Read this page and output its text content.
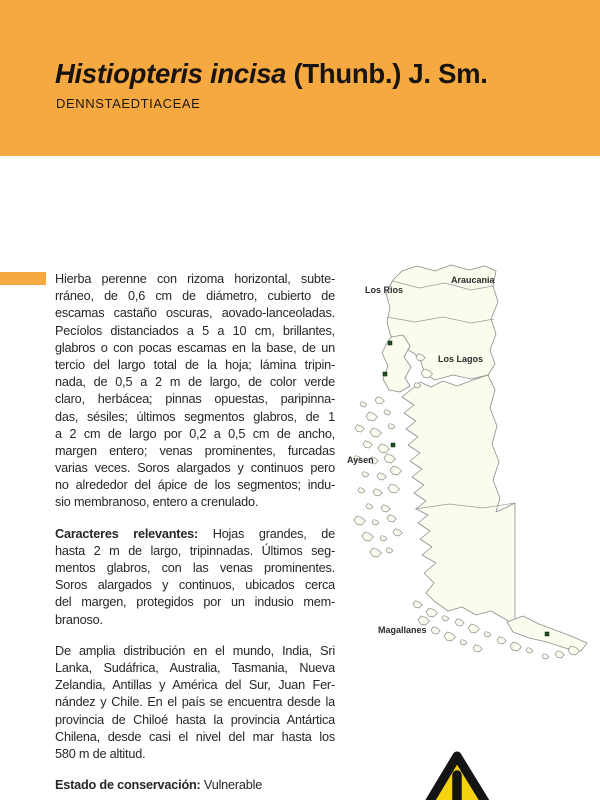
Histiopteris incisa (Thunb.) J. Sm.
DENNSTAEDTIACEAE
Hierba perenne con rizoma horizontal, subte-
rráneo, de 0,6 cm de diámetro, cubierto de
escamas castaño oscuras, aovado-lanceoladas.
Pecíolos distanciados a 5 a 10 cm, brillantes,
glabros o con pocas escamas en la base, de un
tercio del largo total de la hoja; lámina tripin-
nada, de 0,5 a 2 m de largo, de color verde
claro, herbácea; pinnas opuestas, paripinna-
das, sésiles; últimos segmentos glabros, de 1
a 2 cm de largo por 0,2 a 0,5 cm de ancho,
margen entero; venas prominentes, furcadas
varias veces. Soros alargados y continuos pero
no alrededor del ápice de los segmentos; indu-
sio membranoso, entero a crenulado.
Caracteres relevantes: Hojas grandes, de
hasta 2 m de largo, tripinnadas. Últimos seg-
mentos glabros, con las venas prominentes.
Soros alargados y continuos, ubicados cerca
del margen, protegidos por un indusio mem-
branoso.
De amplia distribución en el mundo, India, Sri
Lanka, Sudáfrica, Australia, Tasmania, Nueva
Zelandia, Antillas y América del Sur, Juan Fer-
nández y Chile. En el país se encuentra desde la
provincia de Chiloé hasta la provincia Antártica
Chilena, desde casi el nivel del mar hasta los
580 m de altitud.
Estado de conservación: Vulnerable
Los Rios
Araucania
Los Lagos
Aysen
Magallanes
